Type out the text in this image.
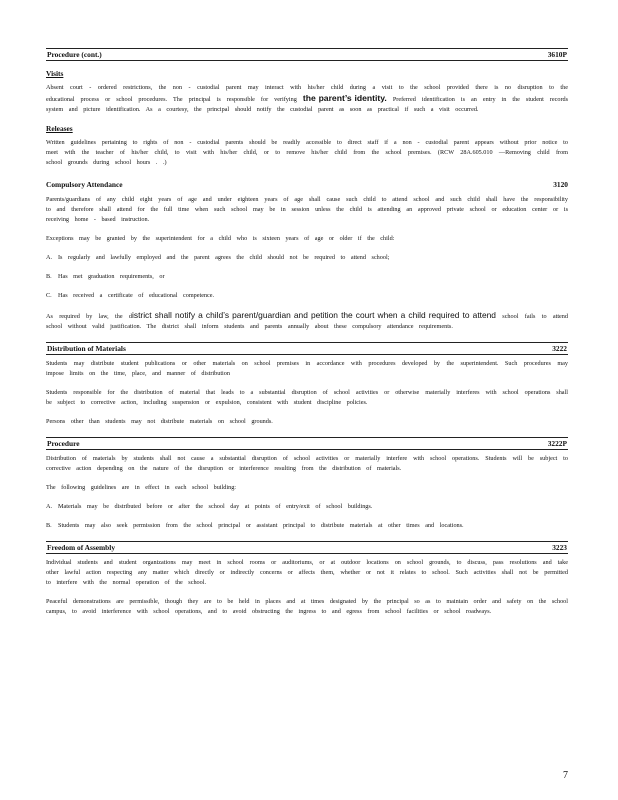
Procedure (cont.)	3610P
Visits

Absent court - ordered restrictions, the non - custodial parent may interact with his/her child during a visit to the school provided there is no disruption to the educational process or school procedures. The principal is responsible for verifying the parent’s identity. Preferred identification is an entry in the student records system and picture identification. As a courtesy, the principal should notify the custodial parent as soon as practical if such a visit occurred.

Releases

Written guidelines pertaining to rights of non - custodial parents should be readily accessible to direct staff if a non - custodial parent appears without prior notice to meet with the teacher of his/her child, to visit with his/her child, or to remove his/her child from the school premises. (RCW 28A.605.010 —Removing child from school grounds during school hours . .)

Compulsory Attendance	3120

Parents/guardians of any child eight years of age and under eighteen years of age shall cause such child to attend school and such child shall have the responsibility to and therefore shall attend for the full time when such school may be in session unless the child is attending an approved private school or education center or is receiving home - based instruction.

Exceptions may be granted by the superintendent for a child who is sixteen years of age or older if the child:

A. Is regularly and lawfully employed and the parent agrees the child should not be required to attend school;
B.	Has met graduation requirements, or
C.	Has received a certificate of educational competence.

As required by law, the district shall notify a child’s parent/guardian and petition the court when a child required to attend school fails to attend school without valid justification. The district shall inform students and parents annually about these compulsory attendance requirements.

Distribution of Materials	3222

Students may distribute student publications or other materials on school premises in accordance with procedures developed by the superintendent. Such procedures may impose limits on the time, place, and manner of distribution

Students responsible for the distribution of material that leads to a substantial disruption of school activities or otherwise materially interferes with school operations shall be subject to corrective action, including suspension or expulsion, consistent with student discipline policies.

Persons other than students may not distribute materials on school grounds.

Procedure	3222P

Distribution of materials by students shall not cause a substantial disruption of school activities or materially interfere with school operations. Students will be subject to corrective action depending on the nature of the disruption or interference resulting from the distribution of materials.

The following guidelines are in effect in each school building:

A. Materials may be distributed before or after the school day at points of entry/exit of school buildings.
B.	Students may also seek permission from the school principal or assistant principal to distribute materials at other times and locations.
Freedom of Assembly	3223

Individual students and student organizations may meet in school rooms or auditoriums, or at outdoor locations on school grounds, to discuss, pass resolutions and take other lawful action respecting any matter which directly or indirectly concerns or affects them, whether or not it relates to school. Such activities shall not be permitted to interfere with the normal operation of the school.

Peaceful demonstrations are permissible, though they are to be held in places and at times designated by the principal so as to maintain order and safety on the school campus, to avoid interference with school operations, and to avoid obstructing the ingress to and egress from school facilities or school roadways.

7
